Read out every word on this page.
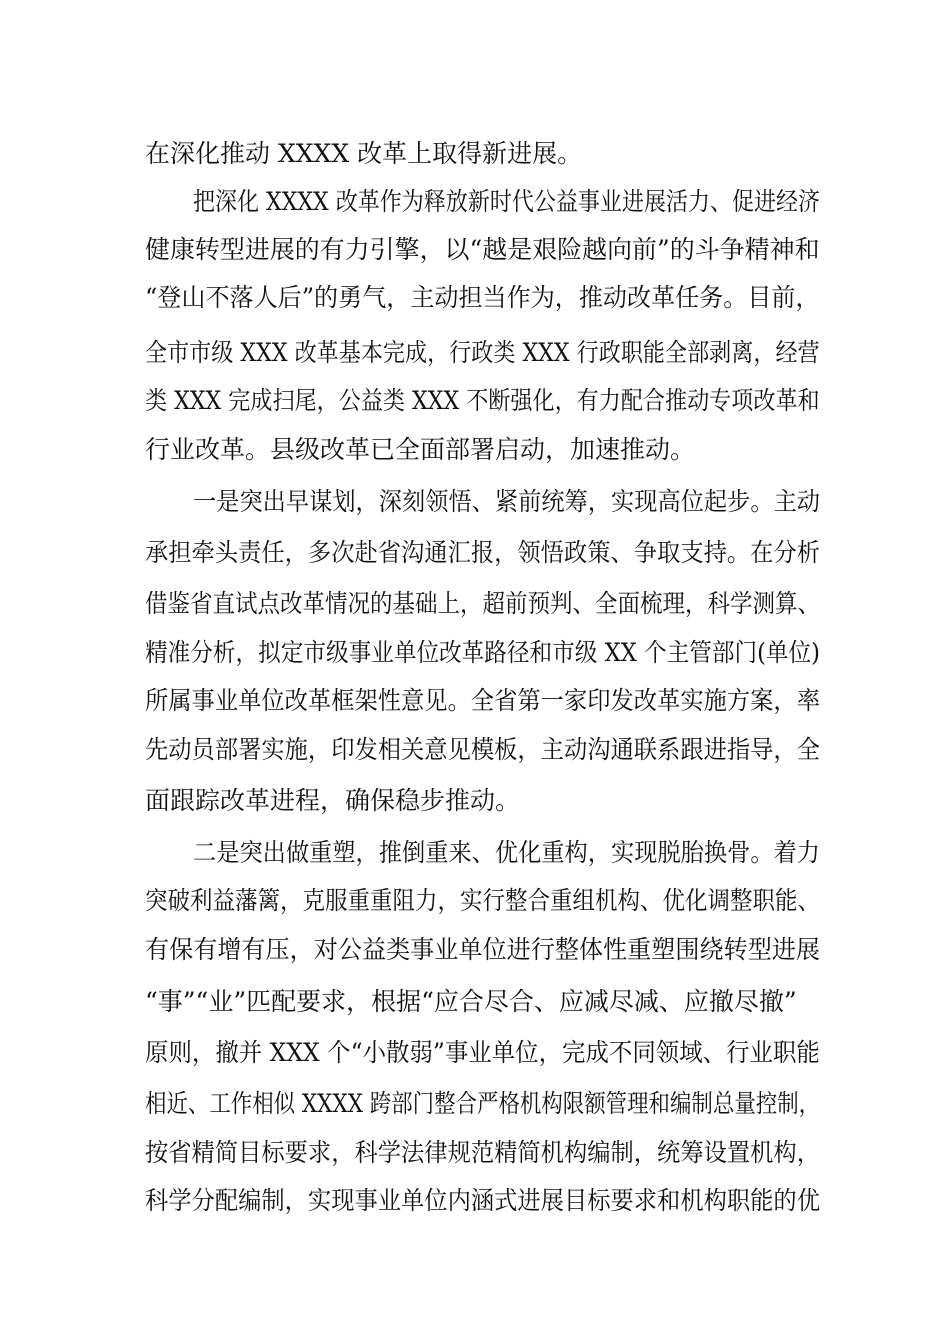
在深化推动 XXXX 改革上取得新进展。
把深化 XXXX 改革作为释放新时代公益事业进展活力、促进经济
健康转型进展的有力引擎，以“越是艰险越向前”的斗争精神和
“登山不落人后”的勇气，主动担当作为，推动改革任务。目前，
全市市级 XXX 改革基本完成，行政类 XXX 行政职能全部剥离，经营
类 XXX 完成扫尾，公益类 XXX 不断强化，有力配合推动专项改革和
行业改革。县级改革已全面部署启动，加速推动。
一是突出早谋划，深刻领悟、紧前统筹，实现高位起步。主动
承担牵头责任，多次赴省沟通汇报，领悟政策、争取支持。在分析
借鉴省直试点改革情况的基础上，超前预判、全面梳理，科学测算、
精准分析，拟定市级事业单位改革路径和市级 XX 个主管部门(单位)
所属事业单位改革框架性意见。全省第一家印发改革实施方案，率
先动员部署实施，印发相关意见模板，主动沟通联系跟进指导，全
面跟踪改革进程，确保稳步推动。
二是突出做重塑，推倒重来、优化重构，实现脱胎换骨。着力
突破利益藩篱，克服重重阻力，实行整合重组机构、优化调整职能、
有保有增有压，对公益类事业单位进行整体性重塑围绕转型进展
“事”“业”匹配要求，根据“应合尽合、应减尽减、应撤尽撤”
原则，撤并 XXX 个“小散弱”事业单位，完成不同领域、行业职能
相近、工作相似 XXXX 跨部门整合严格机构限额管理和编制总量控制，
按省精简目标要求，科学法律规范精简机构编制，统筹设置机构，
科学分配编制，实现事业单位内涵式进展目标要求和机构职能的优
